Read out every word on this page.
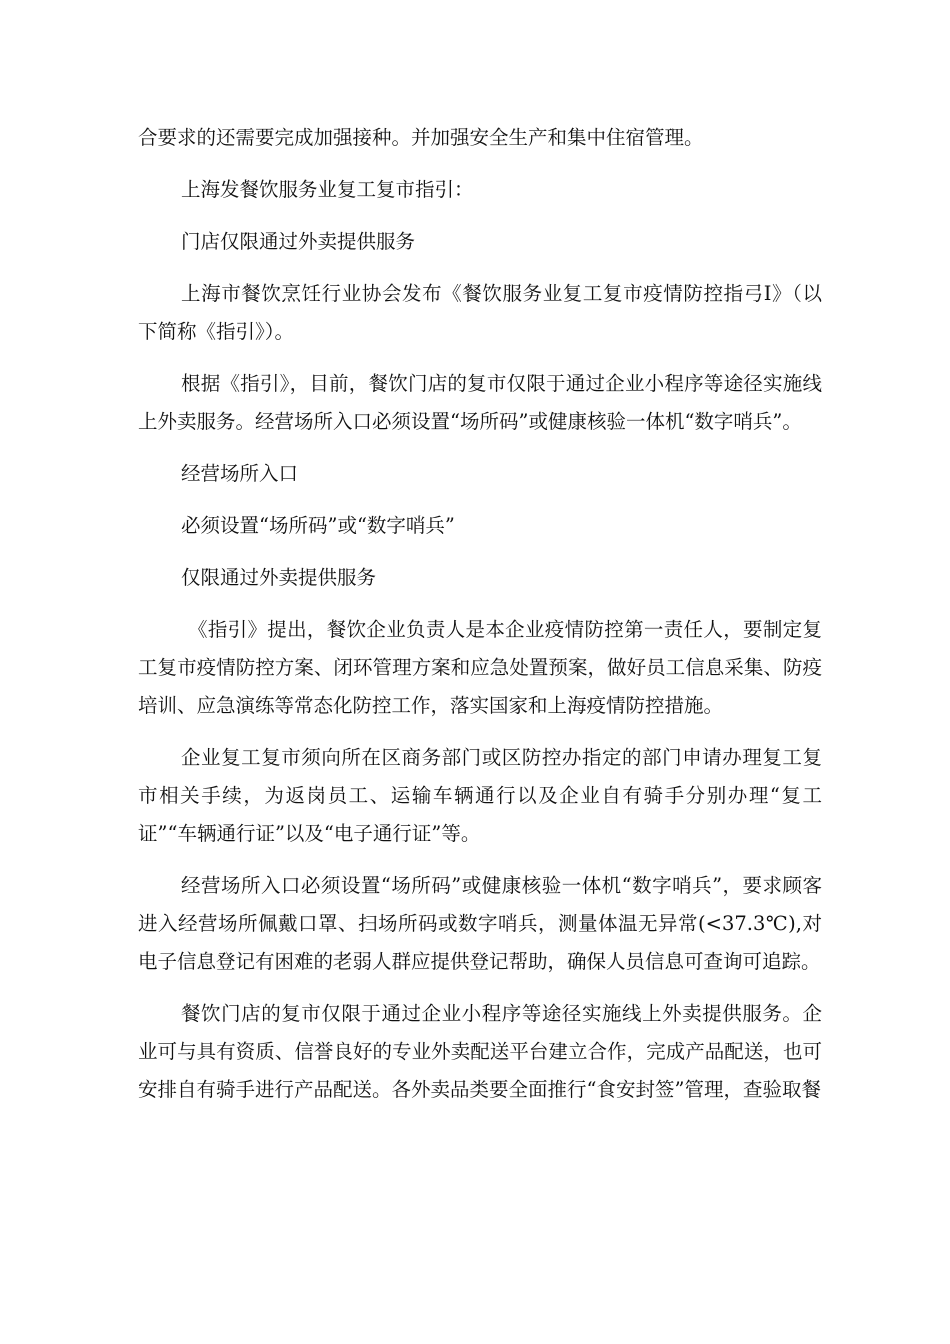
合要求的还需要完成加强接种。并加强安全生产和集中住宿管理。

上海发餐饮服务业复工复市指引：

门店仅限通过外卖提供服务

上海市餐饮烹饪行业协会发布《餐饮服务业复工复市疫情防控指弓I》（以下简称《指引》）。

根据《指引》，目前，餐饮门店的复市仅限于通过企业小程序等途径实施线上外卖服务。经营场所入口必须设置“场所码”或健康核验一体机“数字哨兵”。

经营场所入口

必须设置“场所码”或“数字哨兵”

仅限通过外卖提供服务

《指引》提出，餐饮企业负责人是本企业疫情防控第一责任人，要制定复工复市疫情防控方案、闭环管理方案和应急处置预案，做好员工信息采集、防疫培训、应急演练等常态化防控工作，落实国家和上海疫情防控措施。

企业复工复市须向所在区商务部门或区防控办指定的部门申请办理复工复市相关手续，为返岗员工、运输车辆通行以及企业自有骑手分别办理“复工证”“车辆通行证”以及“电子通行证”等。

经营场所入口必须设置“场所码”或健康核验一体机“数字哨兵”，要求顾客进入经营场所佩戴口罩、扫场所码或数字哨兵，测量体温无异常(<37.3℃),对电子信息登记有困难的老弱人群应提供登记帮助，确保人员信息可查询可追踪。

餐饮门店的复市仅限于通过企业小程序等途径实施线上外卖提供服务。企业可与具有资质、信誉良好的专业外卖配送平台建立合作，完成产品配送，也可安排自有骑手进行产品配送。各外卖品类要全面推行“食安封签”管理，查验取餐
